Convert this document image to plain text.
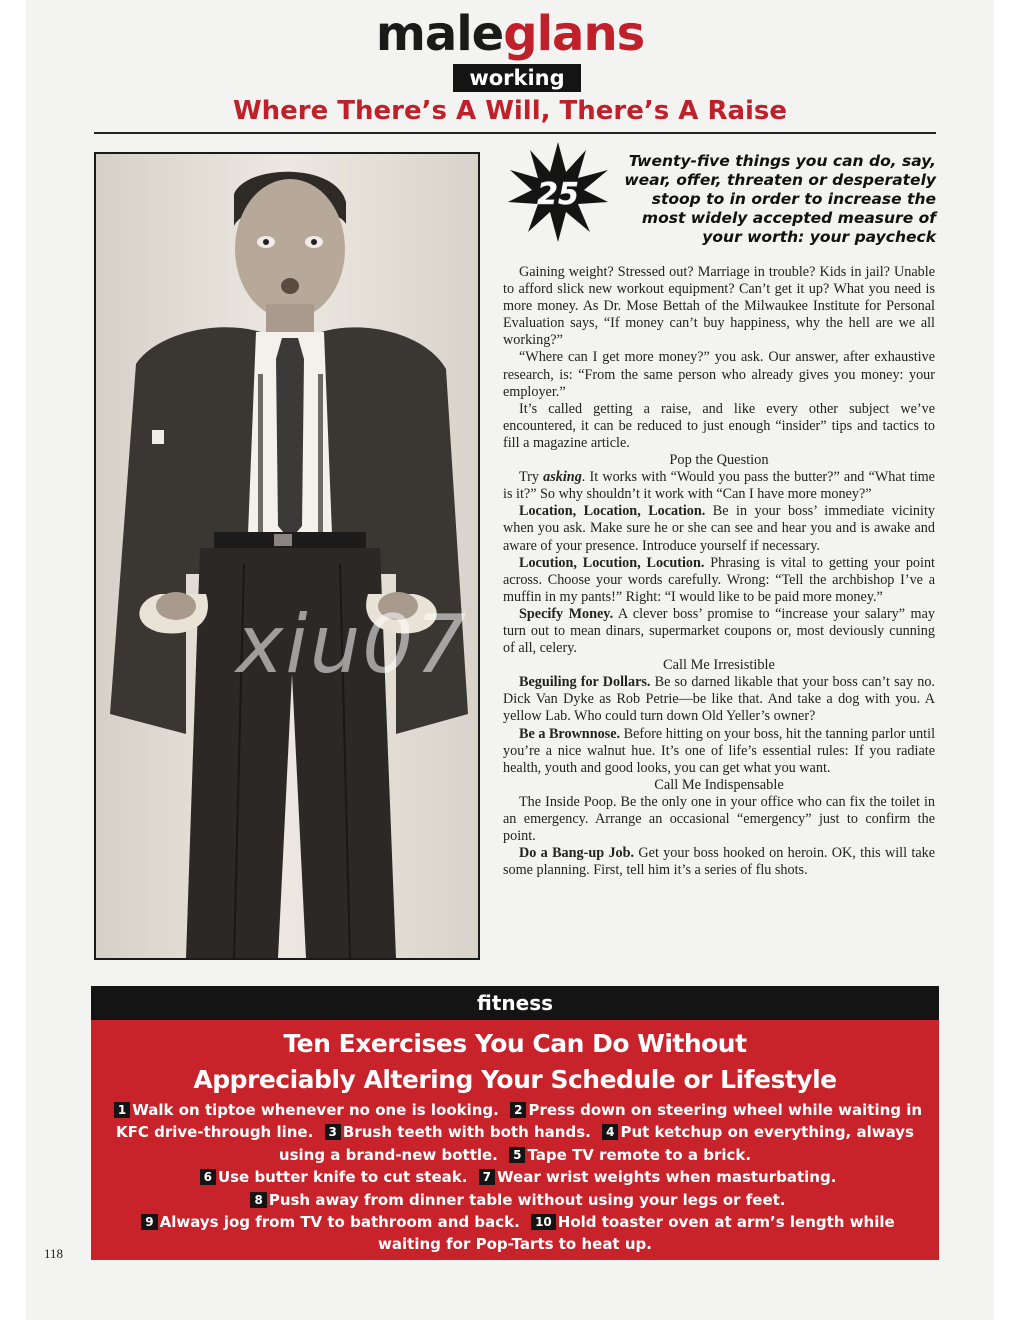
maleglans
working
Where There’s A Will, There’s A Raise
25
Twenty-five things you can do, say, wear, offer, threaten or desperately stoop to in order to increase the most widely accepted measure of your worth: your paycheck

Gaining weight? Stressed out? Marriage in trouble? Kids in jail? Unable to afford slick new workout equipment? Can’t get it up? What you need is more money. As Dr. Mose Bettah of the Milwaukee Institute for Personal Evaluation says, “If money can’t buy happiness, why the hell are we all working?”

“Where can I get more money?” you ask. Our answer, after exhaustive research, is: “From the same person who already gives you money: your employer.”

It’s called getting a raise, and like every other subject we’ve encountered, it can be reduced to just enough “insider” tips and tactics to fill a magazine article.

Pop the Question

Try asking. It works with “Would you pass the butter?” and “What time is it?” So why shouldn’t it work with “Can I have more money?”

Location, Location, Location. Be in your boss’ immediate vicinity when you ask. Make sure he or she can see and hear you and is awake and aware of your presence. Introduce yourself if necessary.

Locution, Locution, Locution. Phrasing is vital to getting your point across. Choose your words carefully. Wrong: “Tell the archbishop I’ve a muffin in my pants!” Right: “I would like to be paid more money.”

Specify Money. A clever boss’ promise to “increase your salary” may turn out to mean dinars, supermarket coupons or, most deviously cunning of all, celery.

Call Me Irresistible

Beguiling for Dollars. Be so darned likable that your boss can’t say no. Dick Van Dyke as Rob Petrie—be like that. And take a dog with you. A yellow Lab. Who could turn down Old Yeller’s owner?

Be a Brownnose. Before hitting on your boss, hit the tanning parlor until you’re a nice walnut hue. It’s one of life’s essential rules: If you radiate health, youth and good looks, you can get what you want.

Call Me Indispensable

The Inside Poop. Be the only one in your office who can fix the toilet in an emergency. Arrange an occasional “emergency” just to confirm the point.

Do a Bang-up Job. Get your boss hooked on heroin. OK, this will take some planning. First, tell him it’s a series of flu shots.

xiu07
fitness
Ten Exercises You Can Do Without
Appreciably Altering Your Schedule or Lifestyle
1 Walk on tiptoe whenever no one is looking. 2 Press down on steering wheel while waiting in KFC drive-through line. 3 Brush teeth with both hands. 4 Put ketchup on everything, always using a brand-new bottle. 5 Tape TV remote to a brick.
6 Use butter knife to cut steak. 7 Wear wrist weights when masturbating.
8 Push away from dinner table without using your legs or feet.
9 Always jog from TV to bathroom and back. 10 Hold toaster oven at arm’s length while waiting for Pop-Tarts to heat up.
118
